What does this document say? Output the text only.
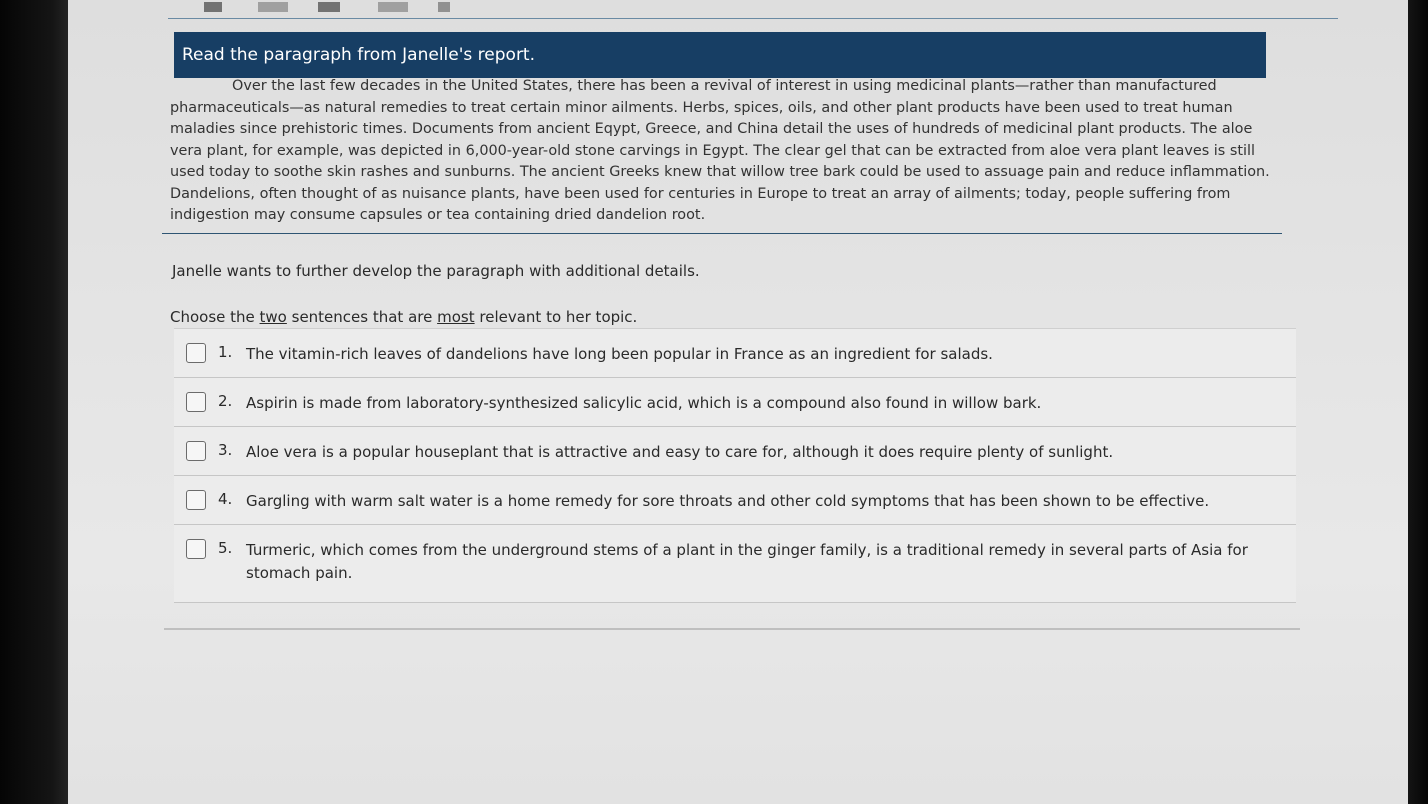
Read the paragraph from Janelle's report.
Over the last few decades in the United States, there has been a revival of interest in using medicinal plants—rather than manufactured pharmaceuticals—as natural remedies to treat certain minor ailments. Herbs, spices, oils, and other plant products have been used to treat human maladies since prehistoric times. Documents from ancient Eqypt, Greece, and China detail the uses of hundreds of medicinal plant products. The aloe vera plant, for example, was depicted in 6,000-year-old stone carvings in Egypt. The clear gel that can be extracted from aloe vera plant leaves is still used today to soothe skin rashes and sunburns. The ancient Greeks knew that willow tree bark could be used to assuage pain and reduce inflammation. Dandelions, often thought of as nuisance plants, have been used for centuries in Europe to treat an array of ailments; today, people suffering from indigestion may consume capsules or tea containing dried dandelion root.
Janelle wants to further develop the paragraph with additional details.
Choose the two sentences that are most relevant to her topic.
1. The vitamin-rich leaves of dandelions have long been popular in France as an ingredient for salads.
2. Aspirin is made from laboratory-synthesized salicylic acid, which is a compound also found in willow bark.
3. Aloe vera is a popular houseplant that is attractive and easy to care for, although it does require plenty of sunlight.
4. Gargling with warm salt water is a home remedy for sore throats and other cold symptoms that has been shown to be effective.
5. Turmeric, which comes from the underground stems of a plant in the ginger family, is a traditional remedy in several parts of Asia for stomach pain.
